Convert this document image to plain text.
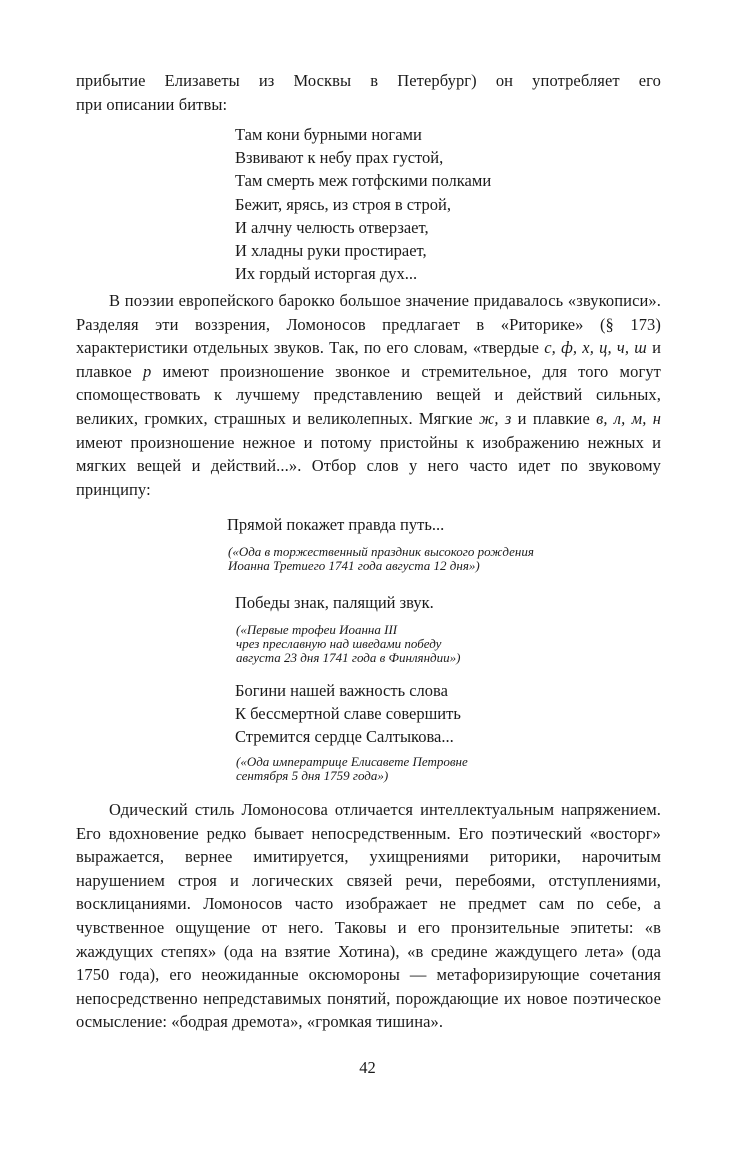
прибытие Елизаветы из Москвы в Петербург) он употребляет его
при описании битвы:
Там кони бурными ногами
Взвивают к небу прах густой,
Там смерть меж готфскими полками
Бежит, ярясь, из строя в строй,
И алчну челюсть отверзает,
И хладны руки простирает,
Их гордый исторгая дух...

В поэзии европейского барокко большое значение придавалось «звукописи». Разделяя эти воззрения, Ломоносов предлагает в «Риторике» (§ 173) характеристики отдельных звуков. Так, по его словам, «твердые с, ф, х, ц, ч, ш и плавкое р имеют произношение звонкое и стремительное, для того могут спомоществовать к лучшему представлению вещей и действий сильных, великих, громких, страшных и великолепных. Мягкие ж, з и плавкие в, л, м, н имеют произношение нежное и потому пристойны к изображению нежных и мягких вещей и действий...». Отбор слов у него часто идет по звуковому принципу:

Прямой покажет правда путь...
(«Ода в торжественный праздник высокого рождения
Иоанна Третиего 1741 года августа 12 дня»)
Победы знак, палящий звук.
(«Первые трофеи Иоанна III
чрез преславную над шведами победу
августа 23 дня 1741 года в Финляндии»)
Богини нашей важность слова
К бессмертной славе совершить
Стремится сердце Салтыкова...
(«Ода императрице Елисавете Петровне
сентября 5 дня 1759 года»)

Одический стиль Ломоносова отличается интеллектуальным напряжением. Его вдохновение редко бывает непосредственным. Его поэтический «восторг» выражается, вернее имитируется, ухищрениями риторики, нарочитым нарушением строя и логических связей речи, перебоями, отступлениями, восклицаниями. Ломоносов часто изображает не предмет сам по себе, а чувственное ощущение от него. Таковы и его пронзительные эпитеты: «в жаждущих степях» (ода на взятие Хотина), «в средине жаждущего лета» (ода 1750 года), его неожиданные оксюмороны — метафоризирующие сочетания непосредственно непредставимых понятий, порождающие их новое поэтическое осмысление: «бодрая дремота», «громкая тишина».

42
